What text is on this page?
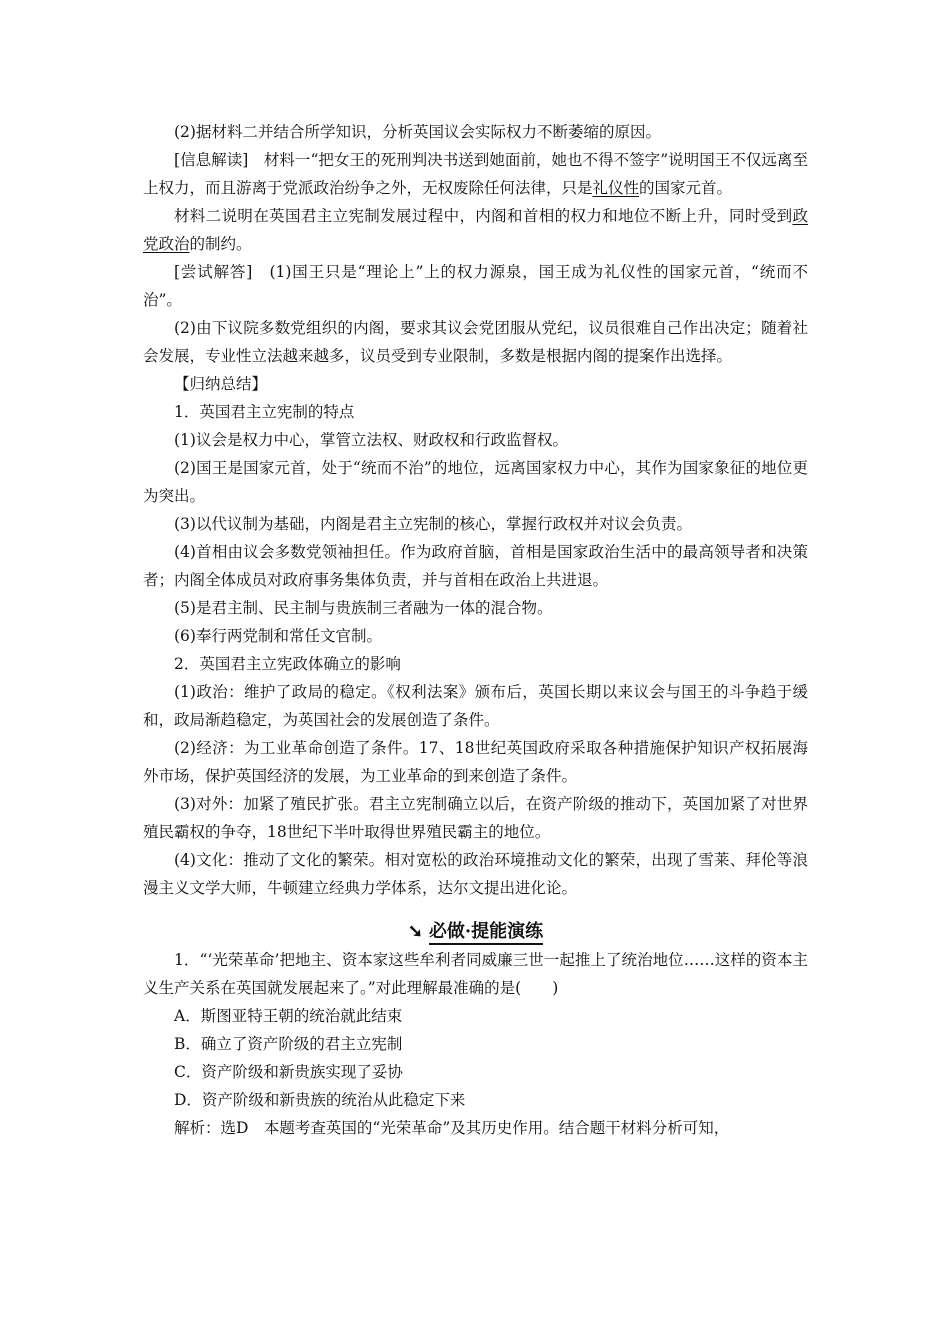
(2)据材料二并结合所学知识，分析英国议会实际权力不断萎缩的原因。

[信息解读]　 材料一“把女王的死刑判决书送到她面前，她也不得不签字”说明国王不仅远离至上权力，而且游离于党派政治纷争之外，无权废除任何法律，只是礼仪性的国家元首。

材料二说明在英国君主立宪制发展过程中，内阁和首相的权力和地位不断上升，同时受到政党政治的制约。

[尝试解答]　 (1)国王只是“理论上”上的权力源泉，国王成为礼仪性的国家元首，“统而不治”。

(2)由下议院多数党组织的内阁，要求其议会党团服从党纪，议员很难自己作出决定；随着社会发展，专业性立法越来越多，议员受到专业限制，多数是根据内阁的提案作出选择。

【归纳总结】

1．英国君主立宪制的特点

(1)议会是权力中心，掌管立法权、财政权和行政监督权。

(2)国王是国家元首，处于“统而不治”的地位，远离国家权力中心，其作为国家象征的地位更为突出。

(3)以代议制为基础，内阁是君主立宪制的核心，掌握行政权并对议会负责。

(4)首相由议会多数党领袖担任。作为政府首脑，首相是国家政治生活中的最高领导者和决策者；内阁全体成员对政府事务集体负责，并与首相在政治上共进退。

(5)是君主制、民主制与贵族制三者融为一体的混合物。

(6)奉行两党制和常任文官制。

2．英国君主立宪政体确立的影响

(1)政治：维护了政局的稳定。《权利法案》颁布后，英国长期以来议会与国王的斗争趋于缓和，政局渐趋稳定，为英国社会的发展创造了条件。

(2)经济：为工业革命创造了条件。17、18世纪英国政府采取各种措施保护知识产权拓展海外市场，保护英国经济的发展，为工业革命的到来创造了条件。

(3)对外：加紧了殖民扩张。君主立宪制确立以后，在资产阶级的推动下，英国加紧了对世界殖民霸权的争夺，18世纪下半叶取得世界殖民霸主的地位。

(4)文化：推动了文化的繁荣。相对宽松的政治环境推动文化的繁荣，出现了雪莱、拜伦等浪漫主义文学大师，牛顿建立经典力学体系，达尔文提出进化论。

➘ 必做·提能演练

1．“‘光荣革命’把地主、资本家这些牟利者同威廉三世一起推上了统治地位……这样的资本主义生产关系在英国就发展起来了。”对此理解最准确的是(　　)

A．斯图亚特王朝的统治就此结束

B．确立了资产阶级的君主立宪制

C．资产阶级和新贵族实现了妥协

D．资产阶级和新贵族的统治从此稳定下来

解析：选D　本题考查英国的“光荣革命”及其历史作用。结合题干材料分析可知，
